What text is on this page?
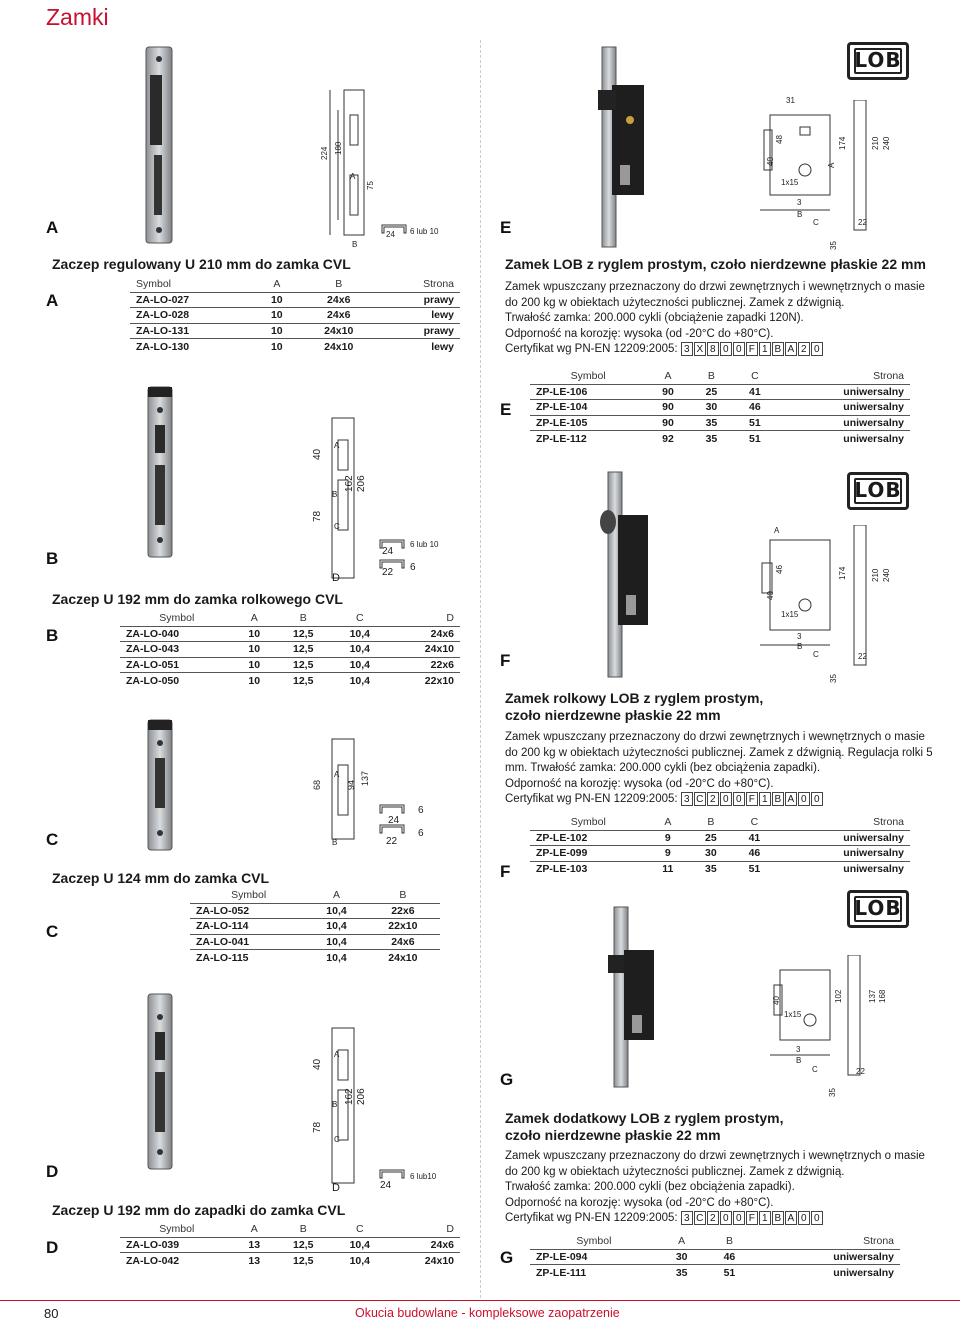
Zamki
224 180
75
A
B
24 6 lub 10
A
Zaczep regulowany U 210 mm do zamka CVL
A
Symbol	A	B	Strona
ZA-LO-027	10	24x6	prawy
ZA-LO-028	10	24x6	lewy
ZA-LO-131	10	24x10	prawy
ZA-LO-130	10	24x10	lewy
40
78
162 206
A
B
C
D
24
22
6 lub 10
6
B
Zaczep U 192 mm do zamka rolkowego CVL
B
Symbol	A	B	C	D
ZA-LO-040	10	12,5	10,4	24x6
ZA-LO-043	10	12,5	10,4	24x10
ZA-LO-051	10	12,5	10,4	22x6
ZA-LO-050	10	12,5	10,4	22x10
68	94 137
A
B
24
22
6
6
C
Zaczep U 124 mm do zamka CVL
C
Symbol	A	B
ZA-LO-052	10,4	22x6
ZA-LO-114	10,4	22x10
ZA-LO-041	10,4	24x6
ZA-LO-115	10,4	24x10
40
78
162 206
A
B
C
D	24
6 lub10
D
Zaczep U 192 mm do zapadki do zamka CVL
D
Symbol	A	B	C	D
ZA-LO-039	13	12,5	10,4	24x6
ZA-LO-042	13	12,5	10,4	24x10
LOB
40
48
31
A
174	210 240
1x15
3
B
C	22
35
E
Zamek LOB z ryglem prostym, czoło nierdzewne płaskie 22 mm
Zamek wpuszczany przeznaczony do drzwi zewnętrznych i wewnętrznych o masie
do 200 kg w obiektach użyteczności publicznej. Zamek z dźwignią.
Trwałość zamka: 200.000 cykli (obciążenie zapadki 120N).
Odporność na korozję: wysoka (od -20°C do +80°C).
Certyfikat wg PN-EN 12209:2005: 3 X 8 0 0 F 1 B A 2 0
E
Symbol	A	B	C	Strona
ZP-LE-106	90	25	41	uniwersalny
ZP-LE-104	90	30	46	uniwersalny
ZP-LE-105	90	35	51	uniwersalny
ZP-LE-112	92	35	51	uniwersalny
LOB
40
46
A
174	210 240
1x15
3
B
C	22
35
F
Zamek rolkowy LOB z ryglem prostym,
czoło nierdzewne płaskie 22 mm
Zamek wpuszczany przeznaczony do drzwi zewnętrznych i wewnętrznych o masie
do 200 kg w obiektach użyteczności publicznej. Zamek z dźwignią. Regulacja rolki 5
mm. Trwałość zamka: 200.000 cykli (bez obciążenia zapadki).
Odporność na korozję: wysoka (od -20°C do +80°C).
Certyfikat wg PN-EN 12209:2005: 3 C 2 0 0 F 1 B A 0 0
F
Symbol	A	B	C	Strona
ZP-LE-102	9	25	41	uniwersalny
ZP-LE-099	9	30	46	uniwersalny
ZP-LE-103	11	35	51	uniwersalny
LOB
40	102	137 168
1x15
3
B
C	22
35
G
Zamek dodatkowy LOB z ryglem prostym,
czoło nierdzewne płaskie 22 mm
Zamek wpuszczany przeznaczony do drzwi zewnętrznych i wewnętrznych o masie
do 200 kg w obiektach użyteczności publicznej. Zamek z dźwignią.
Trwałość zamka: 200.000 cykli (bez obciążenia zapadki).
Odporność na korozję: wysoka (od -20°C do +80°C).
Certyfikat wg PN-EN 12209:2005: 3 C 2 0 0 F 1 B A 0 0
G
Symbol	A	B	Strona
ZP-LE-094	30	46	uniwersalny
ZP-LE-111	35	51	uniwersalny
80	Okucia budowlane - kompleksowe zaopatrzenie
